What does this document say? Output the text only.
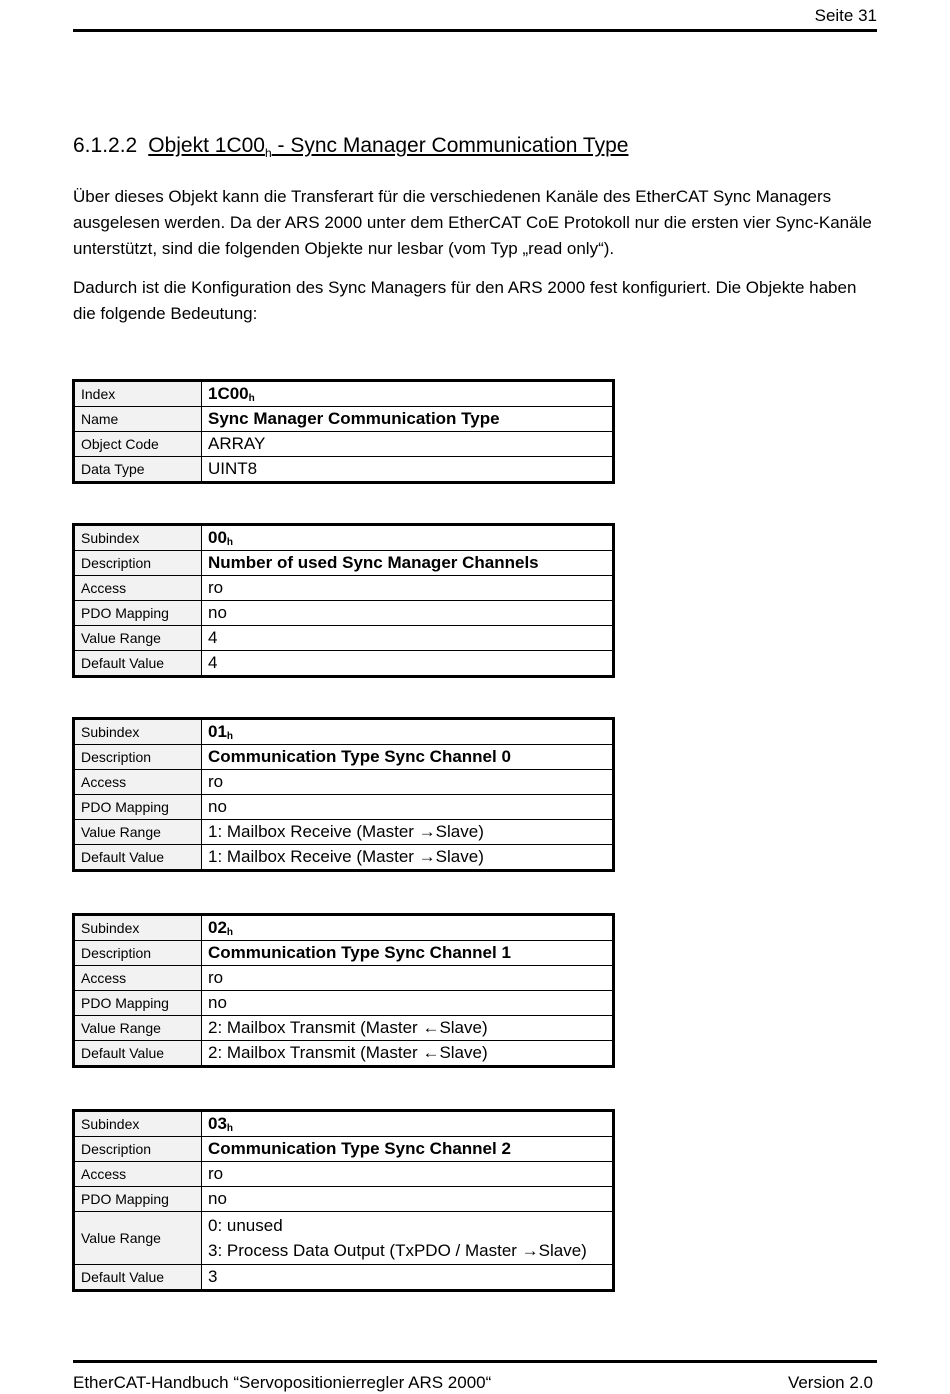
Seite 31
6.1.2.2 Objekt $1C00_h$ - Sync Manager Communication Type

Über dieses Objekt kann die Transferart für die verschiedenen Kanäle des EtherCAT Sync Managers ausgelesen werden. Da der ARS 2000 unter dem EtherCAT CoE Protokoll nur die ersten vier Sync-Kanäle unterstützt, sind die folgenden Objekte nur lesbar (vom Typ „read only“).

Dadurch ist die Konfiguration des Sync Managers für den ARS 2000 fest konfiguriert. Die Objekte haben die folgende Bedeutung:

Index	$1C00_h$
Name	Sync Manager Communication Type
Object Code	ARRAY
Data Type	UINT8
Subindex	$00_h$
Description	Number of used Sync Manager Channels
Access	ro
PDO Mapping	no
Value Range	4
Default Value	4
Subindex	$01_h$
Description	Communication Type Sync Channel 0
Access	ro
PDO Mapping	no
Value Range	1: Mailbox Receive (Master →Slave)
Default Value	1: Mailbox Receive (Master →Slave)
Subindex	$02_h$
Description	Communication Type Sync Channel 1
Access	ro
PDO Mapping	no
Value Range	2: Mailbox Transmit (Master ←Slave)
Default Value	2: Mailbox Transmit (Master ←Slave)
Subindex	$03_h$
Description	Communication Type Sync Channel 2
Access	ro
PDO Mapping	no
Value Range	0: unused
3: Process Data Output (TxPDO / Master →Slave)

Default Value	3
EtherCAT-Handbuch “Servopositionierregler ARS 2000“	Version 2.0
